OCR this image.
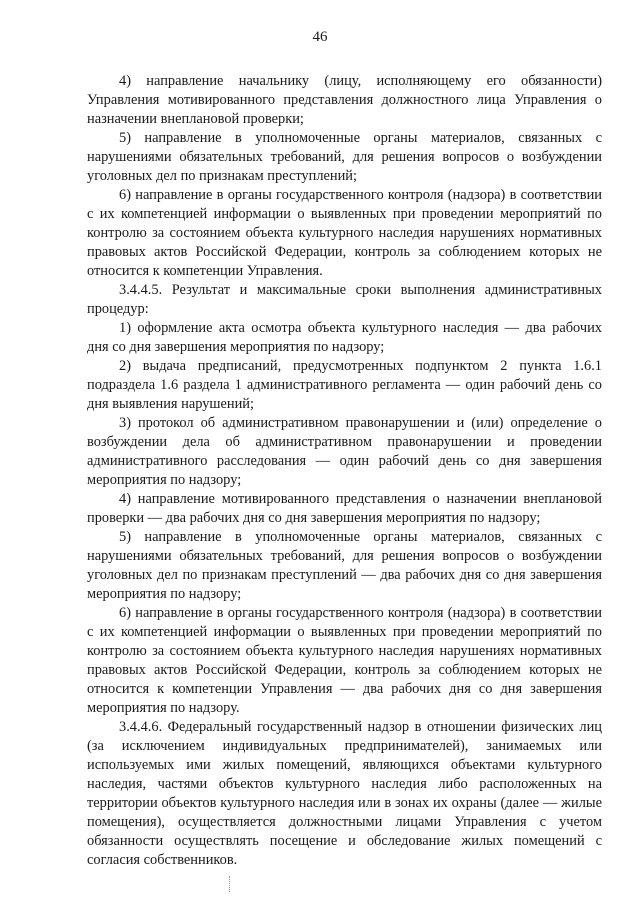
46

4) направление начальнику (лицу, исполняющему его обязанности) Управления мотивированного представления должностного лица Управления о назначении внеплановой проверки;

5) направление в уполномоченные органы материалов, связанных с нарушениями обязательных требований, для решения вопросов о возбуждении уголовных дел по признакам преступлений;

6) направление в органы государственного контроля (надзора) в соответствии с их компетенцией информации о выявленных при проведении мероприятий по контролю за состоянием объекта культурного наследия нарушениях нормативных правовых актов Российской Федерации, контроль за соблюдением которых не относится к компетенции Управления.

3.4.4.5. Результат и максимальные сроки выполнения административных процедур:

1) оформление акта осмотра объекта культурного наследия — два рабочих дня со дня завершения мероприятия по надзору;

2) выдача предписаний, предусмотренных подпунктом 2 пункта 1.6.1 подраздела 1.6 раздела 1 административного регламента — один рабочий день со дня выявления нарушений;

3) протокол об административном правонарушении и (или) определение о возбуждении дела об административном правонарушении и проведении административного расследования — один рабочий день со дня завершения мероприятия по надзору;

4) направление мотивированного представления о назначении внеплановой проверки — два рабочих дня со дня завершения мероприятия по надзору;

5) направление в уполномоченные органы материалов, связанных с нарушениями обязательных требований, для решения вопросов о возбуждении уголовных дел по признакам преступлений — два рабочих дня со дня завершения мероприятия по надзору;

6) направление в органы государственного контроля (надзора) в соответствии с их компетенцией информации о выявленных при проведении мероприятий по контролю за состоянием объекта культурного наследия нарушениях нормативных правовых актов Российской Федерации, контроль за соблюдением которых не относится к компетенции Управления — два рабочих дня со дня завершения мероприятия по надзору.

3.4.4.6. Федеральный государственный надзор в отношении физических лиц (за исключением индивидуальных предпринимателей), занимаемых или используемых ими жилых помещений, являющихся объектами культурного наследия, частями объектов культурного наследия либо расположенных на территории объектов культурного наследия или в зонах их охраны (далее — жилые помещения), осуществляется должностными лицами Управления с учетом обязанности осуществлять посещение и обследование жилых помещений с согласия собственников.
